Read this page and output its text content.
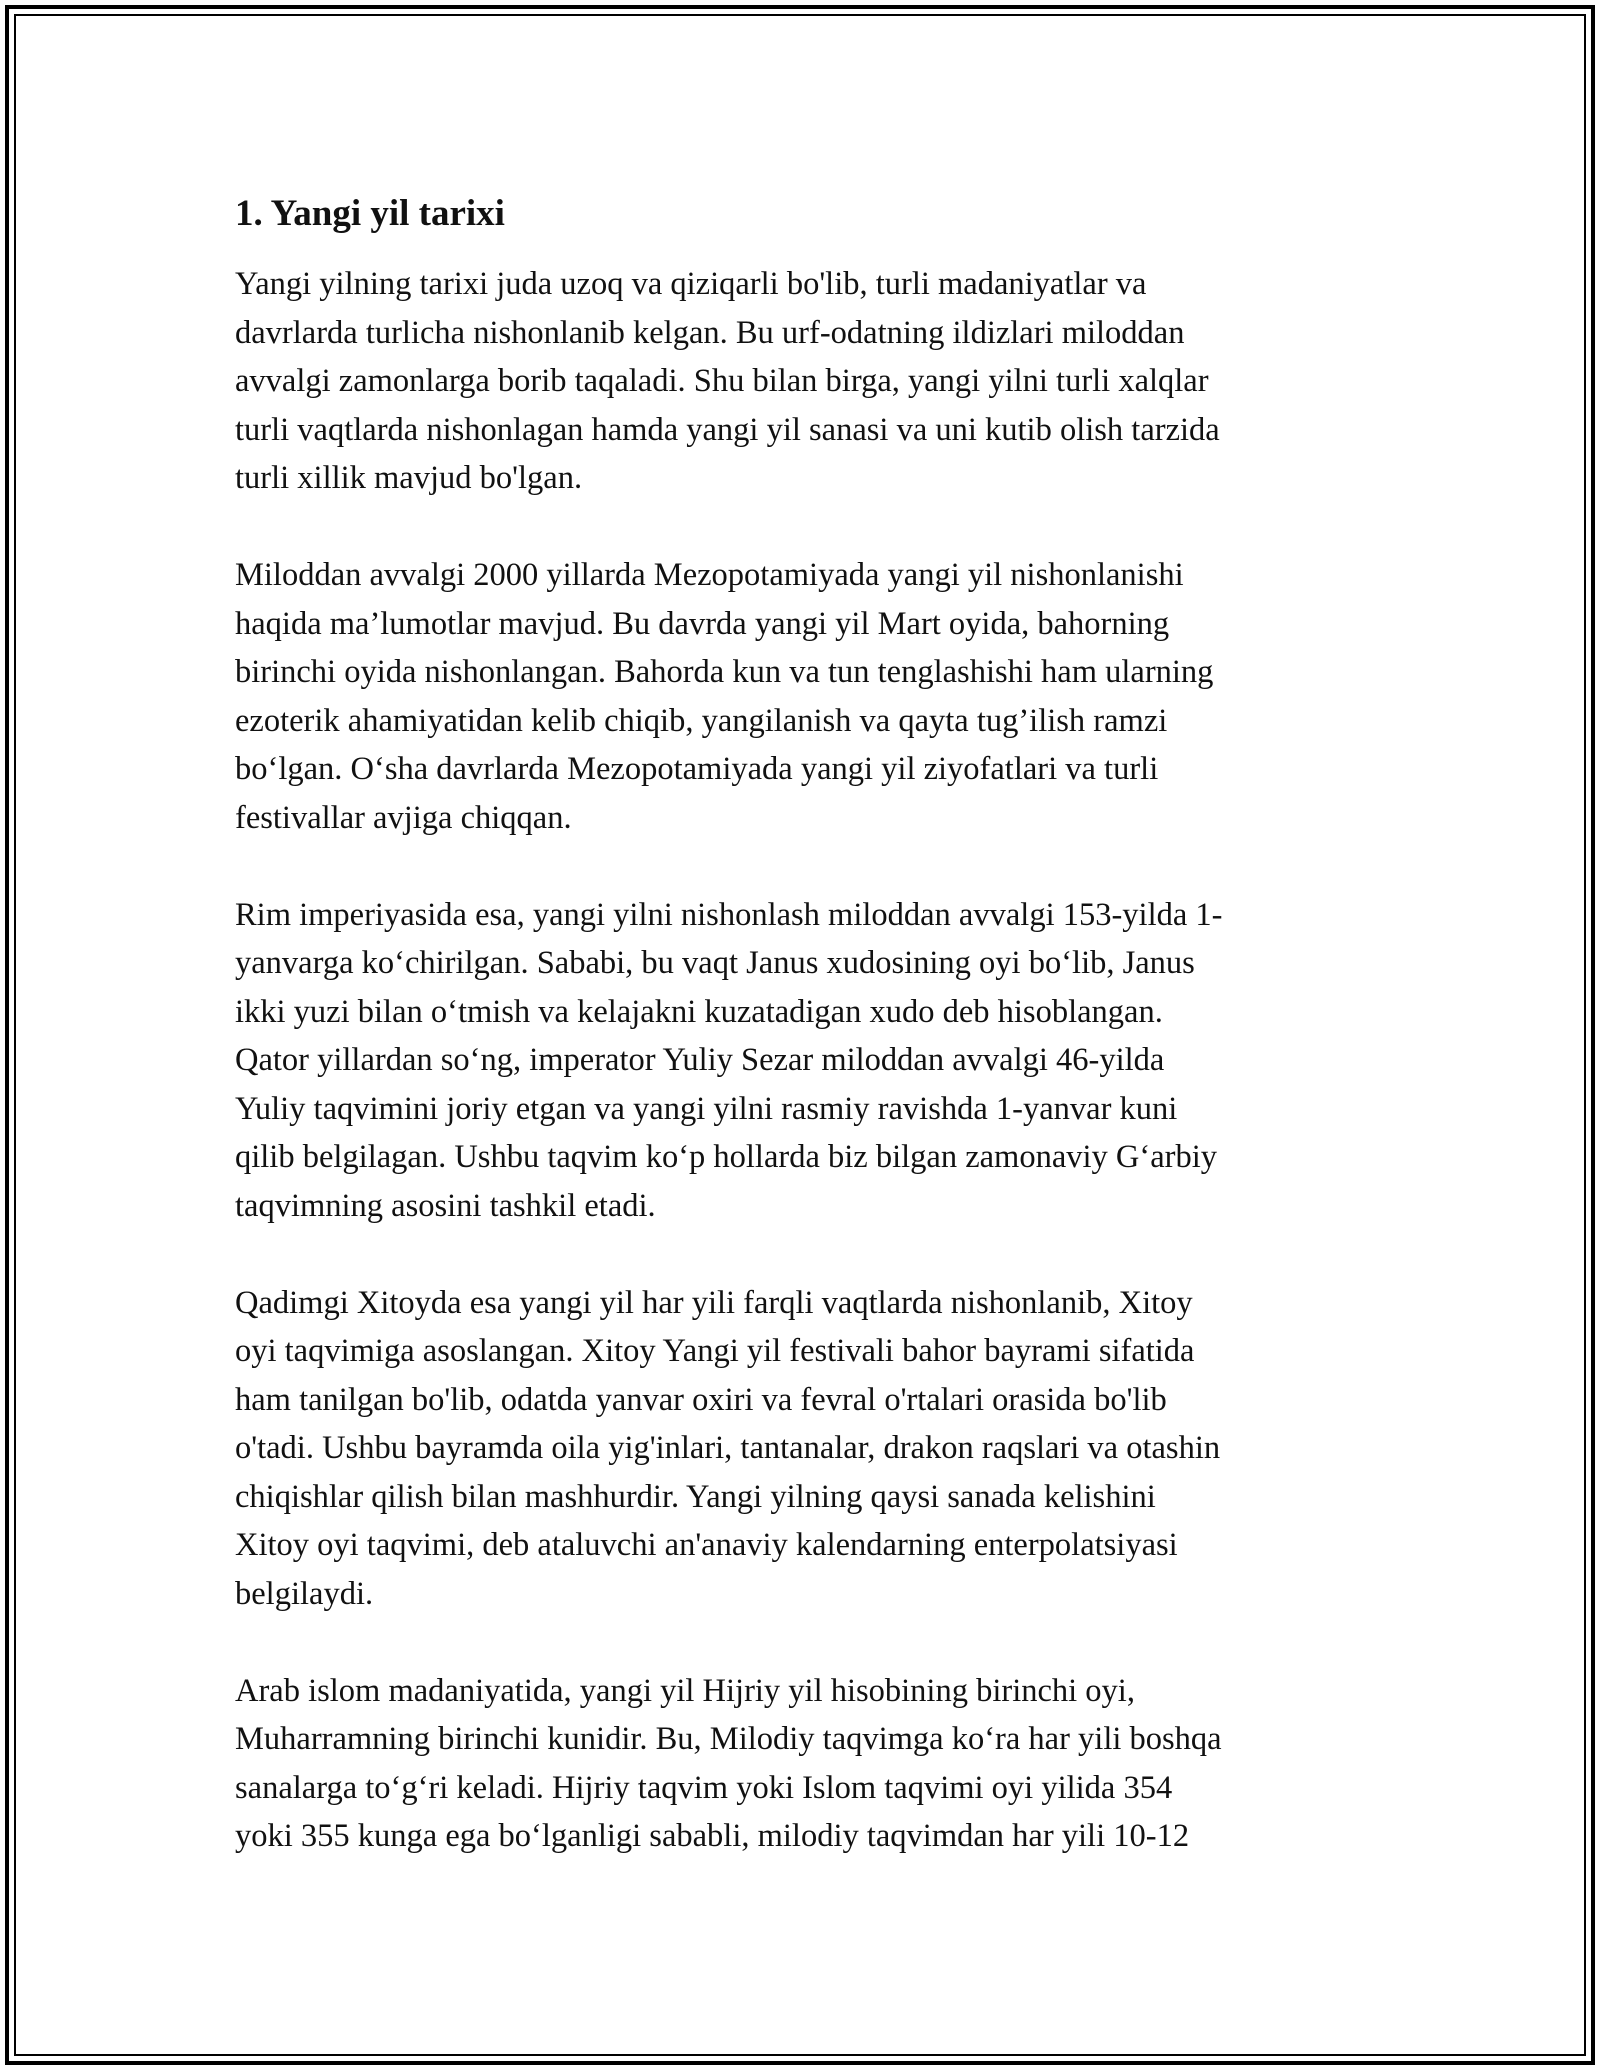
1. Yangi yil tarixi

Yangi yilning tarixi juda uzoq va qiziqarli bo'lib, turli madaniyatlar va
davrlarda turlicha nishonlanib kelgan. Bu urf-odatning ildizlari miloddan
avvalgi zamonlarga borib taqaladi. Shu bilan birga, yangi yilni turli xalqlar
turli vaqtlarda nishonlagan hamda yangi yil sanasi va uni kutib olish tarzida
turli xillik mavjud bo'lgan.

Miloddan avvalgi 2000 yillarda Mezopotamiyada yangi yil nishonlanishi
haqida ma’lumotlar mavjud. Bu davrda yangi yil Mart oyida, bahorning
birinchi oyida nishonlangan. Bahorda kun va tun tenglashishi ham ularning
ezoterik ahamiyatidan kelib chiqib, yangilanish va qayta tug’ilish ramzi
bo‘lgan. O‘sha davrlarda Mezopotamiyada yangi yil ziyofatlari va turli
festivallar avjiga chiqqan.

Rim imperiyasida esa, yangi yilni nishonlash miloddan avvalgi 153-yilda 1-
yanvarga ko‘chirilgan. Sababi, bu vaqt Janus xudosining oyi bo‘lib, Janus
ikki yuzi bilan o‘tmish va kelajakni kuzatadigan xudo deb hisoblangan.
Qator yillardan so‘ng, imperator Yuliy Sezar miloddan avvalgi 46-yilda
Yuliy taqvimini joriy etgan va yangi yilni rasmiy ravishda 1-yanvar kuni
qilib belgilagan. Ushbu taqvim ko‘p hollarda biz bilgan zamonaviy G‘arbiy
taqvimning asosini tashkil etadi.

Qadimgi Xitoyda esa yangi yil har yili farqli vaqtlarda nishonlanib, Xitoy
oyi taqvimiga asoslangan. Xitoy Yangi yil festivali bahor bayrami sifatida
ham tanilgan bo'lib, odatda yanvar oxiri va fevral o'rtalari orasida bo'lib
o'tadi. Ushbu bayramda oila yig'inlari, tantanalar, drakon raqslari va otashin
chiqishlar qilish bilan mashhurdir. Yangi yilning qaysi sanada kelishini
Xitoy oyi taqvimi, deb ataluvchi an'anaviy kalendarning enterpolatsiyasi
belgilaydi.

Arab islom madaniyatida, yangi yil Hijriy yil hisobining birinchi oyi,
Muharramning birinchi kunidir. Bu, Milodiy taqvimga ko‘ra har yili boshqa
sanalarga to‘g‘ri keladi. Hijriy taqvim yoki Islom taqvimi oyi yilida 354
yoki 355 kunga ega bo‘lganligi sababli, milodiy taqvimdan har yili 10-12
